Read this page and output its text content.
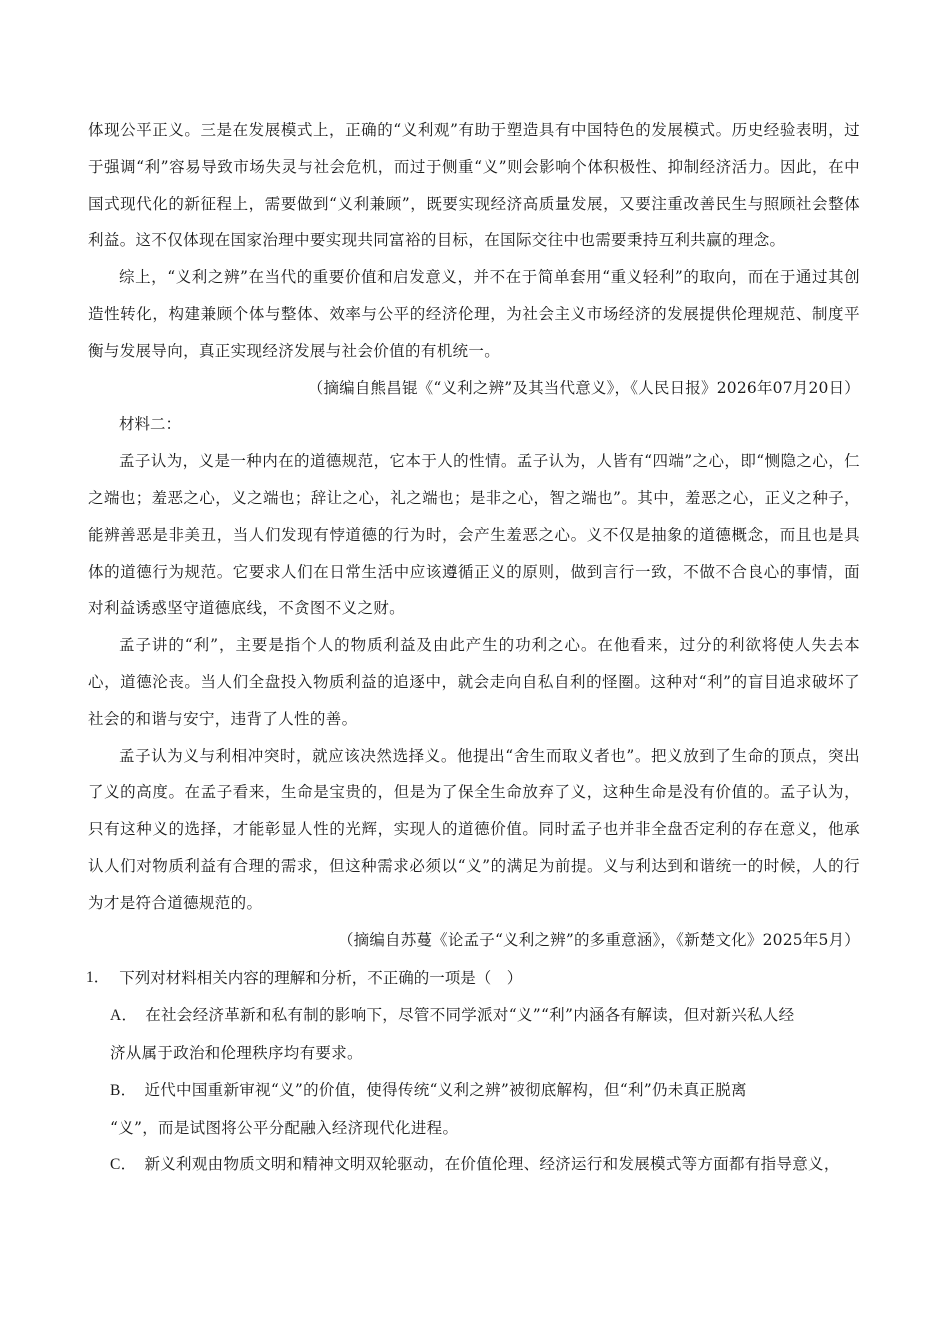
体现公平正义。三是在发展模式上，正确的“义利观”有助于塑造具有中国特色的发展模式。历史经验表明，过于强调“利”容易导致市场失灵与社会危机，而过于侧重“义”则会影响个体积极性、抑制经济活力。因此，在中国式现代化的新征程上，需要做到“义利兼顾”，既要实现经济高质量发展，又要注重改善民生与照顾社会整体利益。这不仅体现在国家治理中要实现共同富裕的目标，在国际交往中也需要秉持互利共赢的理念。

综上，“义利之辨”在当代的重要价值和启发意义，并不在于简单套用“重义轻利”的取向，而在于通过其创造性转化，构建兼顾个体与整体、效率与公平的经济伦理，为社会主义市场经济的发展提供伦理规范、制度平衡与发展导向，真正实现经济发展与社会价值的有机统一。

（摘编自熊昌锟《“义利之辨”及其当代意义》，《人民日报》2026年07月20日）

材料二：

孟子认为，义是一种内在的道德规范，它本于人的性情。孟子认为，人皆有“四端”之心，即“恻隐之心，仁之端也；羞恶之心，义之端也；辞让之心，礼之端也；是非之心，智之端也”。其中，羞恶之心，正义之种子，能辨善恶是非美丑，当人们发现有悖道德的行为时，会产生羞恶之心。义不仅是抽象的道德概念，而且也是具体的道德行为规范。它要求人们在日常生活中应该遵循正义的原则，做到言行一致，不做不合良心的事情，面对利益诱惑坚守道德底线，不贪图不义之财。

孟子讲的“利”，主要是指个人的物质利益及由此产生的功利之心。在他看来，过分的利欲将使人失去本心，道德沦丧。当人们全盘投入物质利益的追逐中，就会走向自私自利的怪圈。这种对“利”的盲目追求破坏了社会的和谐与安宁，违背了人性的善。

孟子认为义与利相冲突时，就应该决然选择义。他提出“舍生而取义者也”。把义放到了生命的顶点，突出了义的高度。在孟子看来，生命是宝贵的，但是为了保全生命放弃了义，这种生命是没有价值的。孟子认为，只有这种义的选择，才能彰显人性的光辉，实现人的道德价值。同时孟子也并非全盘否定利的存在意义，他承认人们对物质利益有合理的需求，但这种需求必须以“义”的满足为前提。义与利达到和谐统一的时候，人的行为才是符合道德规范的。

（摘编自苏蔓《论孟子“义利之辨”的多重意涵》，《新楚文化》2025年5月）

1． 下列对材料相关内容的理解和分析，不正确的一项是（　）

A． 在社会经济革新和私有制的影响下，尽管不同学派对“义”“利”内涵各有解读，但对新兴私人经

济从属于政治和伦理秩序均有要求。

B． 近代中国重新审视“义”的价值，使得传统“义利之辨”被彻底解构，但“利”仍未真正脱离

“义”，而是试图将公平分配融入经济现代化进程。

C． 新义利观由物质文明和精神文明双轮驱动，在价值伦理、经济运行和发展模式等方面都有指导意义，
